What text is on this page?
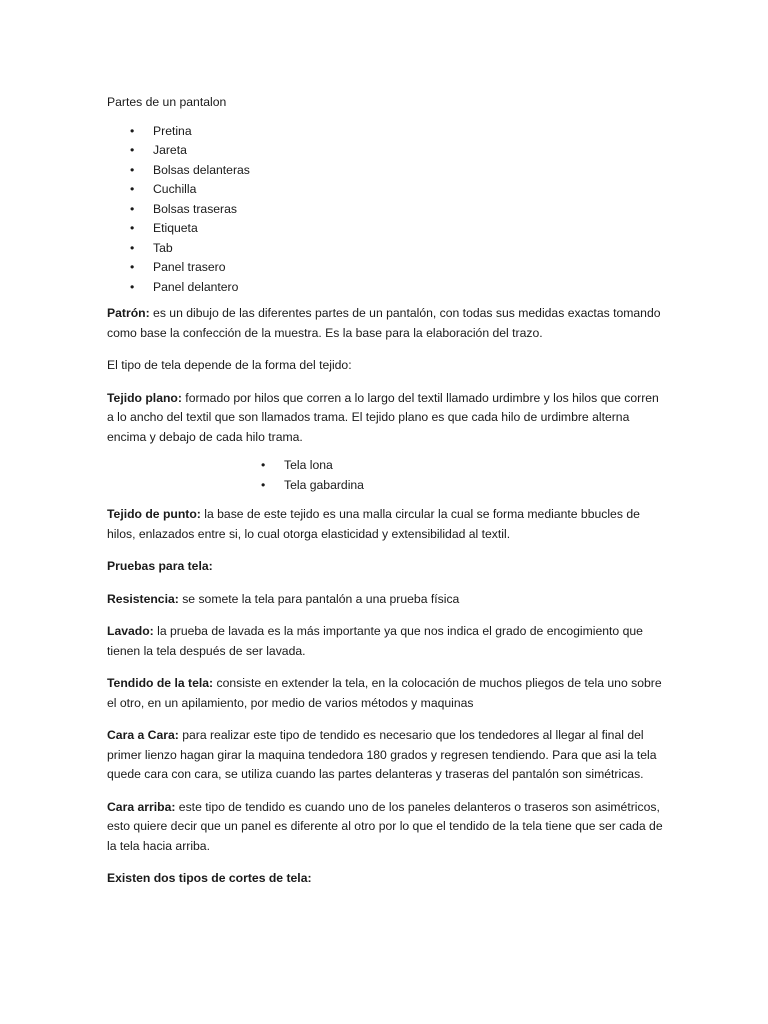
Partes de un pantalon

• Pretina
• Jareta
• Bolsas delanteras
• Cuchilla
• Bolsas traseras
• Etiqueta
• Tab
• Panel trasero
• Panel delantero

Patrón: es un dibujo de las diferentes partes de un pantalón, con todas sus medidas exactas tomando como base la confección de la muestra. Es la base para la elaboración del trazo.

El tipo de tela depende de la forma del tejido:

Tejido plano: formado por hilos que corren a lo largo del textil llamado urdimbre y los hilos que corren a lo ancho del textil que son llamados trama. El tejido plano es que cada hilo de urdimbre alterna encima y debajo de cada hilo trama.

• Tela lona
• Tela gabardina

Tejido de punto: la base de este tejido es una malla circular la cual se forma mediante bbucles de hilos, enlazados entre si, lo cual otorga elasticidad y extensibilidad al textil.

Pruebas para tela:

Resistencia: se somete la tela para pantalón a una prueba física

Lavado: la prueba de lavada es la más importante ya que nos indica el grado de encogimiento que tienen la tela después de ser lavada.

Tendido de la tela: consiste en extender la tela, en la colocación de muchos pliegos de tela uno sobre el otro, en un apilamiento, por medio de varios métodos y maquinas

Cara a Cara: para realizar este tipo de tendido es necesario que los tendedores al llegar al final del primer lienzo hagan girar la maquina tendedora 180 grados y regresen tendiendo. Para que asi la tela quede cara con cara, se utiliza cuando las partes delanteras y traseras del pantalón son simétricas.

Cara arriba: este tipo de tendido es cuando uno de los paneles delanteros o traseros son asimétricos, esto quiere decir que un panel es diferente al otro por lo que el tendido de la tela tiene que ser cada de la tela hacia arriba.

Existen dos tipos de cortes de tela:
